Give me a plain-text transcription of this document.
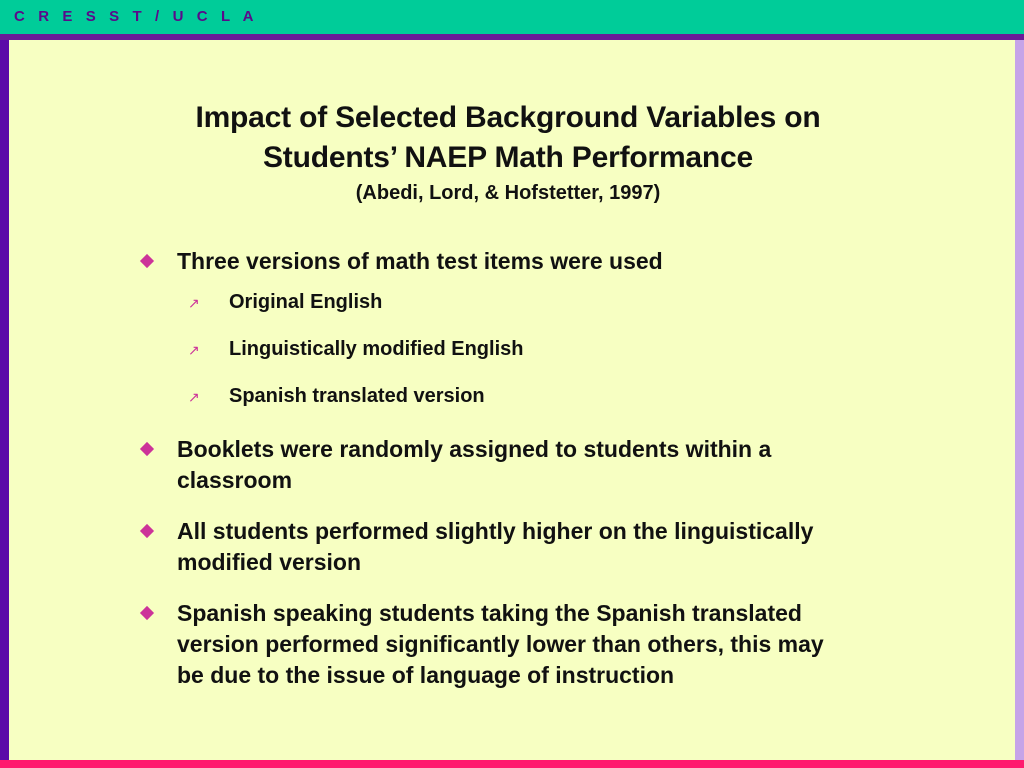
C R E S S T / U C L A
Impact of Selected Background Variables on
Students’ NAEP Math Performance
(Abedi, Lord, & Hofstetter, 1997)
Three versions of math test items were used
↗ Original English
↗ Linguistically modified English
↗ Spanish translated version
Booklets were randomly assigned to students within a classroom
All students performed slightly higher on the linguistically modified version
Spanish speaking students taking the Spanish translated version performed significantly lower than others, this may be due to the issue of language of instruction
